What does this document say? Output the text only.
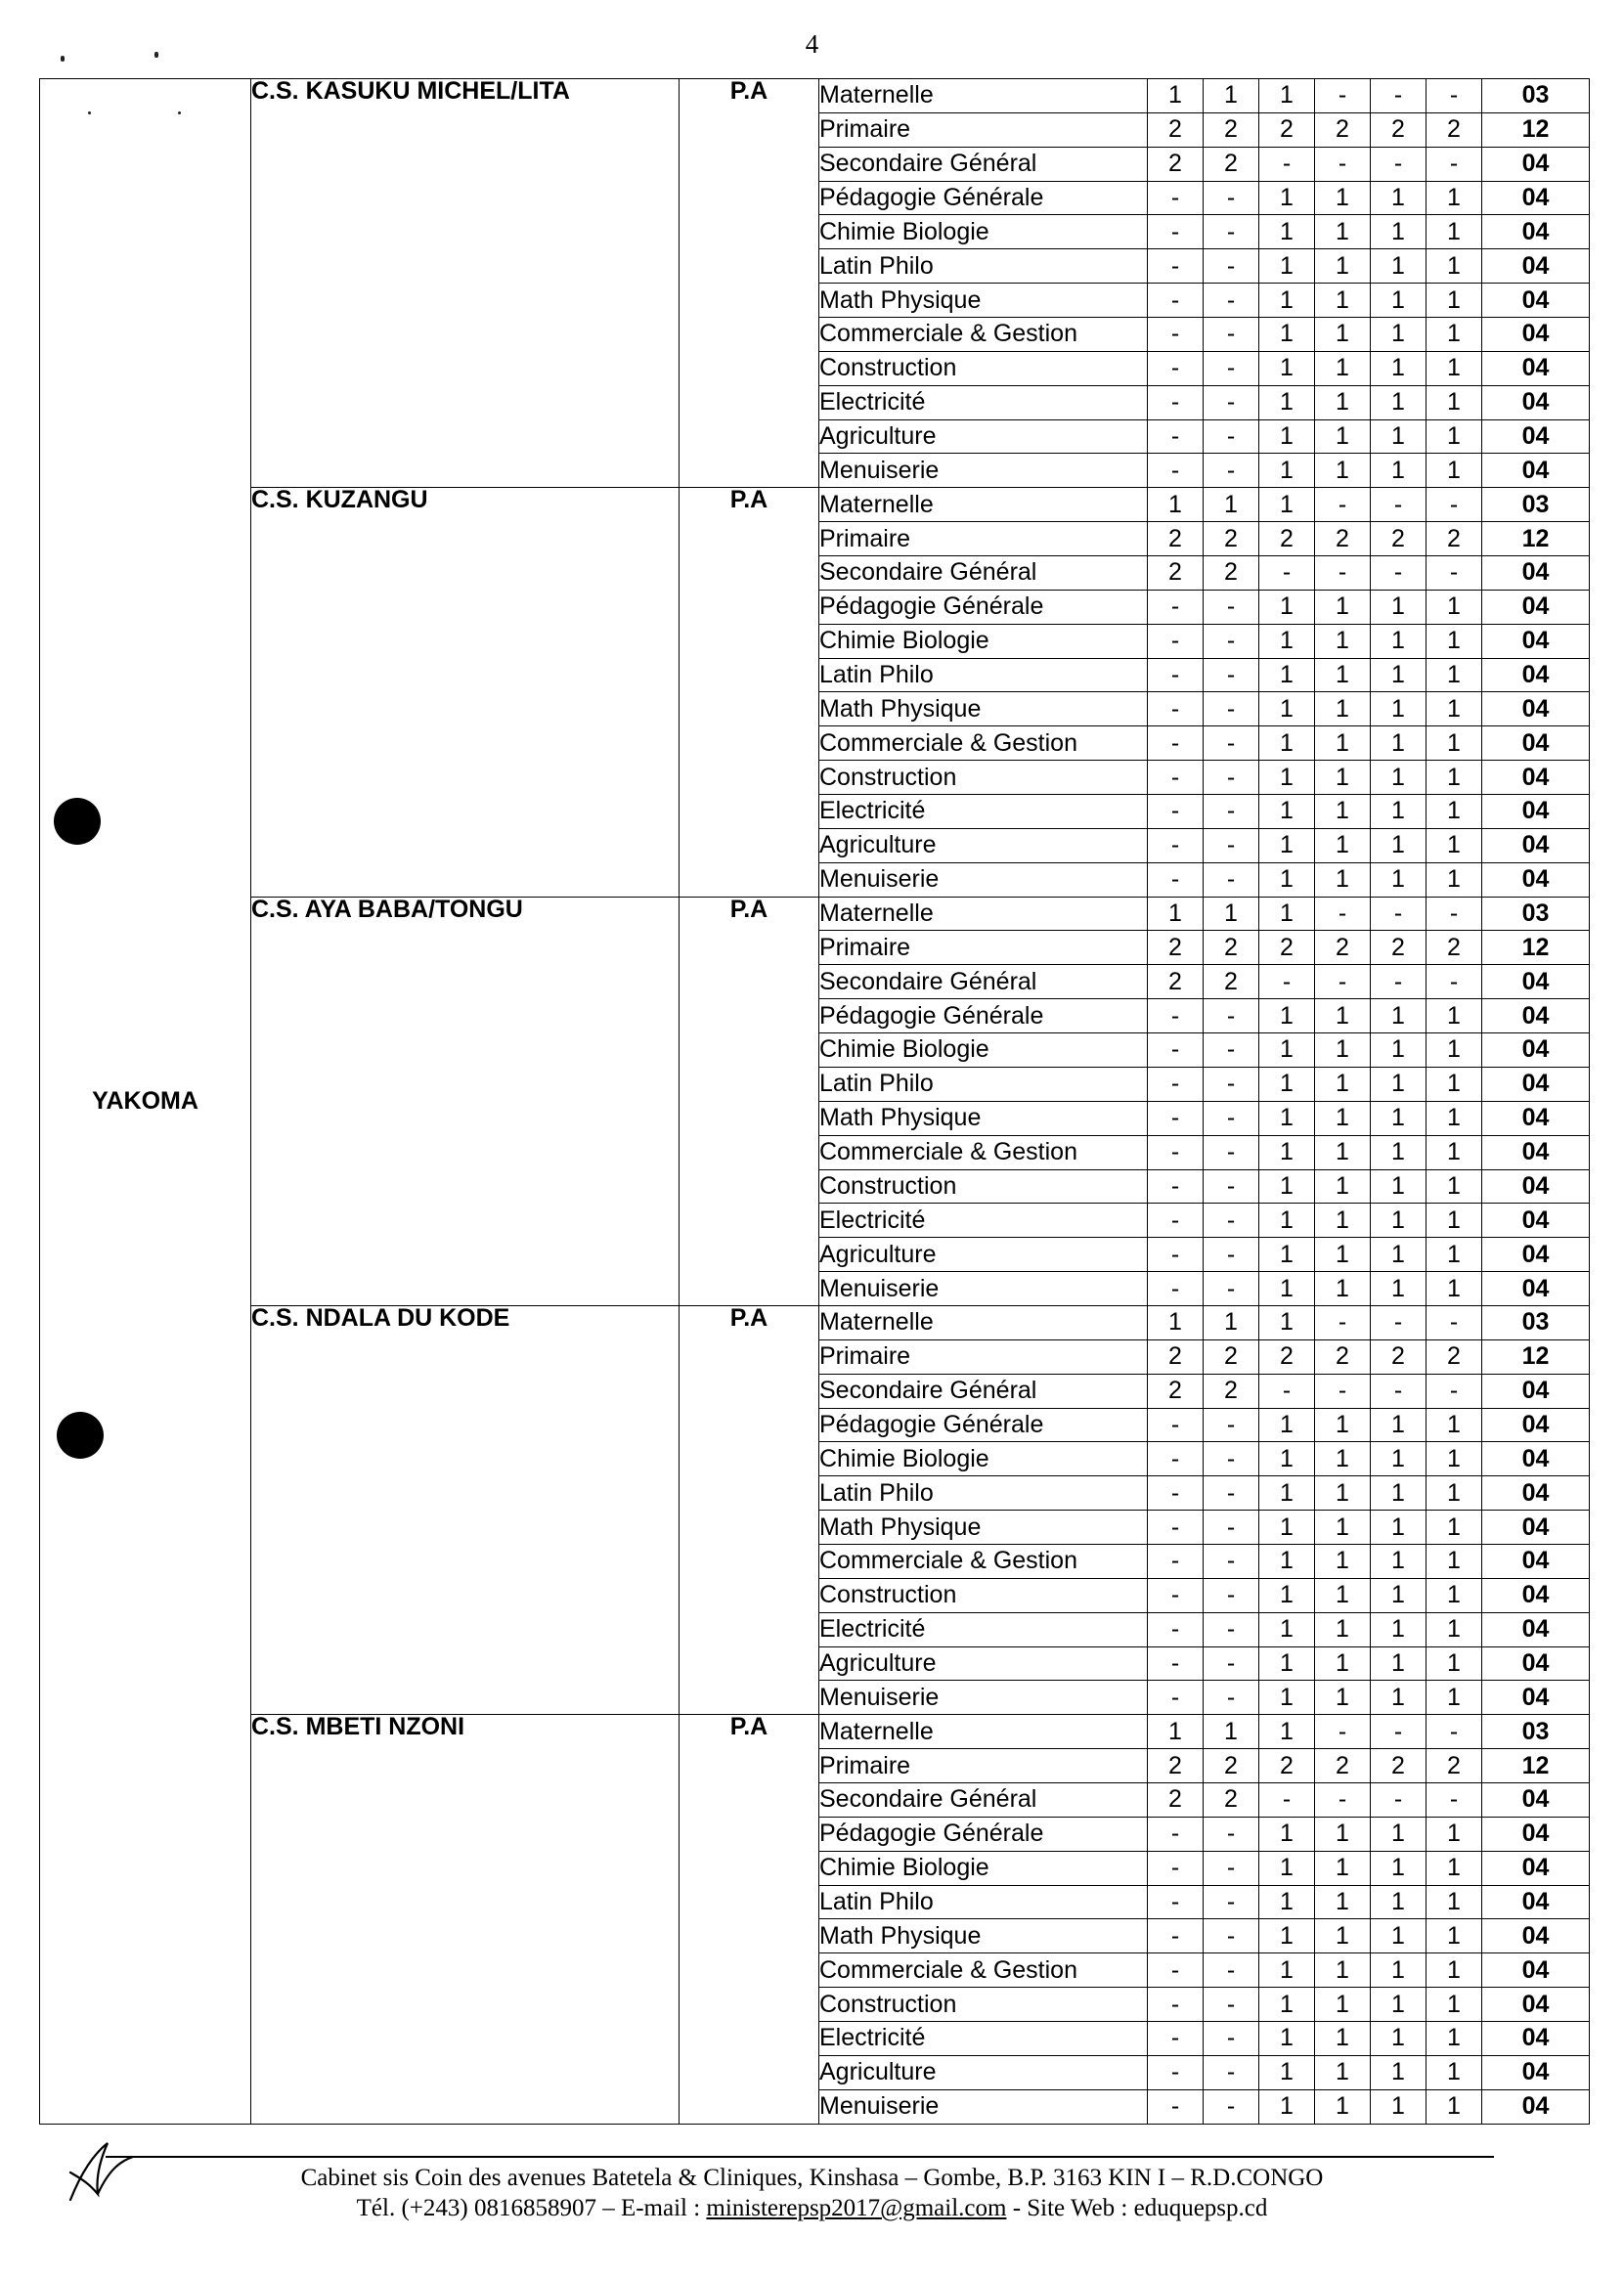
4
YAKOMA	C.S. KASUKU MICHEL/LITA	P.A	Maternelle	1	1	1	-	-	-	03
			Primaire	2	2	2	2	2	2	12
			Secondaire Général	2	2	-	-	-	-	04
			Pédagogie Générale	-	-	1	1	1	1	04
			Chimie Biologie	-	-	1	1	1	1	04
			Latin Philo	-	-	1	1	1	1	04
			Math Physique	-	-	1	1	1	1	04
			Commerciale & Gestion	-	-	1	1	1	1	04
			Construction	-	-	1	1	1	1	04
			Electricité	-	-	1	1	1	1	04
			Agriculture	-	-	1	1	1	1	04
			Menuiserie	-	-	1	1	1	1	04
	C.S. KUZANGU	P.A	Maternelle	1	1	1	-	-	-	03
			Primaire	2	2	2	2	2	2	12
			Secondaire Général	2	2	-	-	-	-	04
			Pédagogie Générale	-	-	1	1	1	1	04
			Chimie Biologie	-	-	1	1	1	1	04
			Latin Philo	-	-	1	1	1	1	04
			Math Physique	-	-	1	1	1	1	04
			Commerciale & Gestion	-	-	1	1	1	1	04
			Construction	-	-	1	1	1	1	04
			Electricité	-	-	1	1	1	1	04
			Agriculture	-	-	1	1	1	1	04
			Menuiserie	-	-	1	1	1	1	04
	C.S. AYA BABA/TONGU	P.A	Maternelle	1	1	1	-	-	-	03
			Primaire	2	2	2	2	2	2	12
			Secondaire Général	2	2	-	-	-	-	04
			Pédagogie Générale	-	-	1	1	1	1	04
			Chimie Biologie	-	-	1	1	1	1	04
			Latin Philo	-	-	1	1	1	1	04
			Math Physique	-	-	1	1	1	1	04
			Commerciale & Gestion	-	-	1	1	1	1	04
			Construction	-	-	1	1	1	1	04
			Electricité	-	-	1	1	1	1	04
			Agriculture	-	-	1	1	1	1	04
			Menuiserie	-	-	1	1	1	1	04
	C.S. NDALA DU KODE	P.A	Maternelle	1	1	1	-	-	-	03
			Primaire	2	2	2	2	2	2	12
			Secondaire Général	2	2	-	-	-	-	04
			Pédagogie Générale	-	-	1	1	1	1	04
			Chimie Biologie	-	-	1	1	1	1	04
			Latin Philo	-	-	1	1	1	1	04
			Math Physique	-	-	1	1	1	1	04
			Commerciale & Gestion	-	-	1	1	1	1	04
			Construction	-	-	1	1	1	1	04
			Electricité	-	-	1	1	1	1	04
			Agriculture	-	-	1	1	1	1	04
			Menuiserie	-	-	1	1	1	1	04
	C.S. MBETI NZONI	P.A	Maternelle	1	1	1	-	-	-	03
			Primaire	2	2	2	2	2	2	12
			Secondaire Général	2	2	-	-	-	-	04
			Pédagogie Générale	-	-	1	1	1	1	04
			Chimie Biologie	-	-	1	1	1	1	04
			Latin Philo	-	-	1	1	1	1	04
			Math Physique	-	-	1	1	1	1	04
			Commerciale & Gestion	-	-	1	1	1	1	04
			Construction	-	-	1	1	1	1	04
			Electricité	-	-	1	1	1	1	04
			Agriculture	-	-	1	1	1	1	04
			Menuiserie	-	-	1	1	1	1	04
Cabinet sis Coin des avenues Batetela & Cliniques, Kinshasa – Gombe, B.P. 3163 KIN I – R.D.CONGO
Tél. (+243) 0816858907 – E-mail : ministerepsp2017@gmail.com - Site Web : eduquepsp.cd
